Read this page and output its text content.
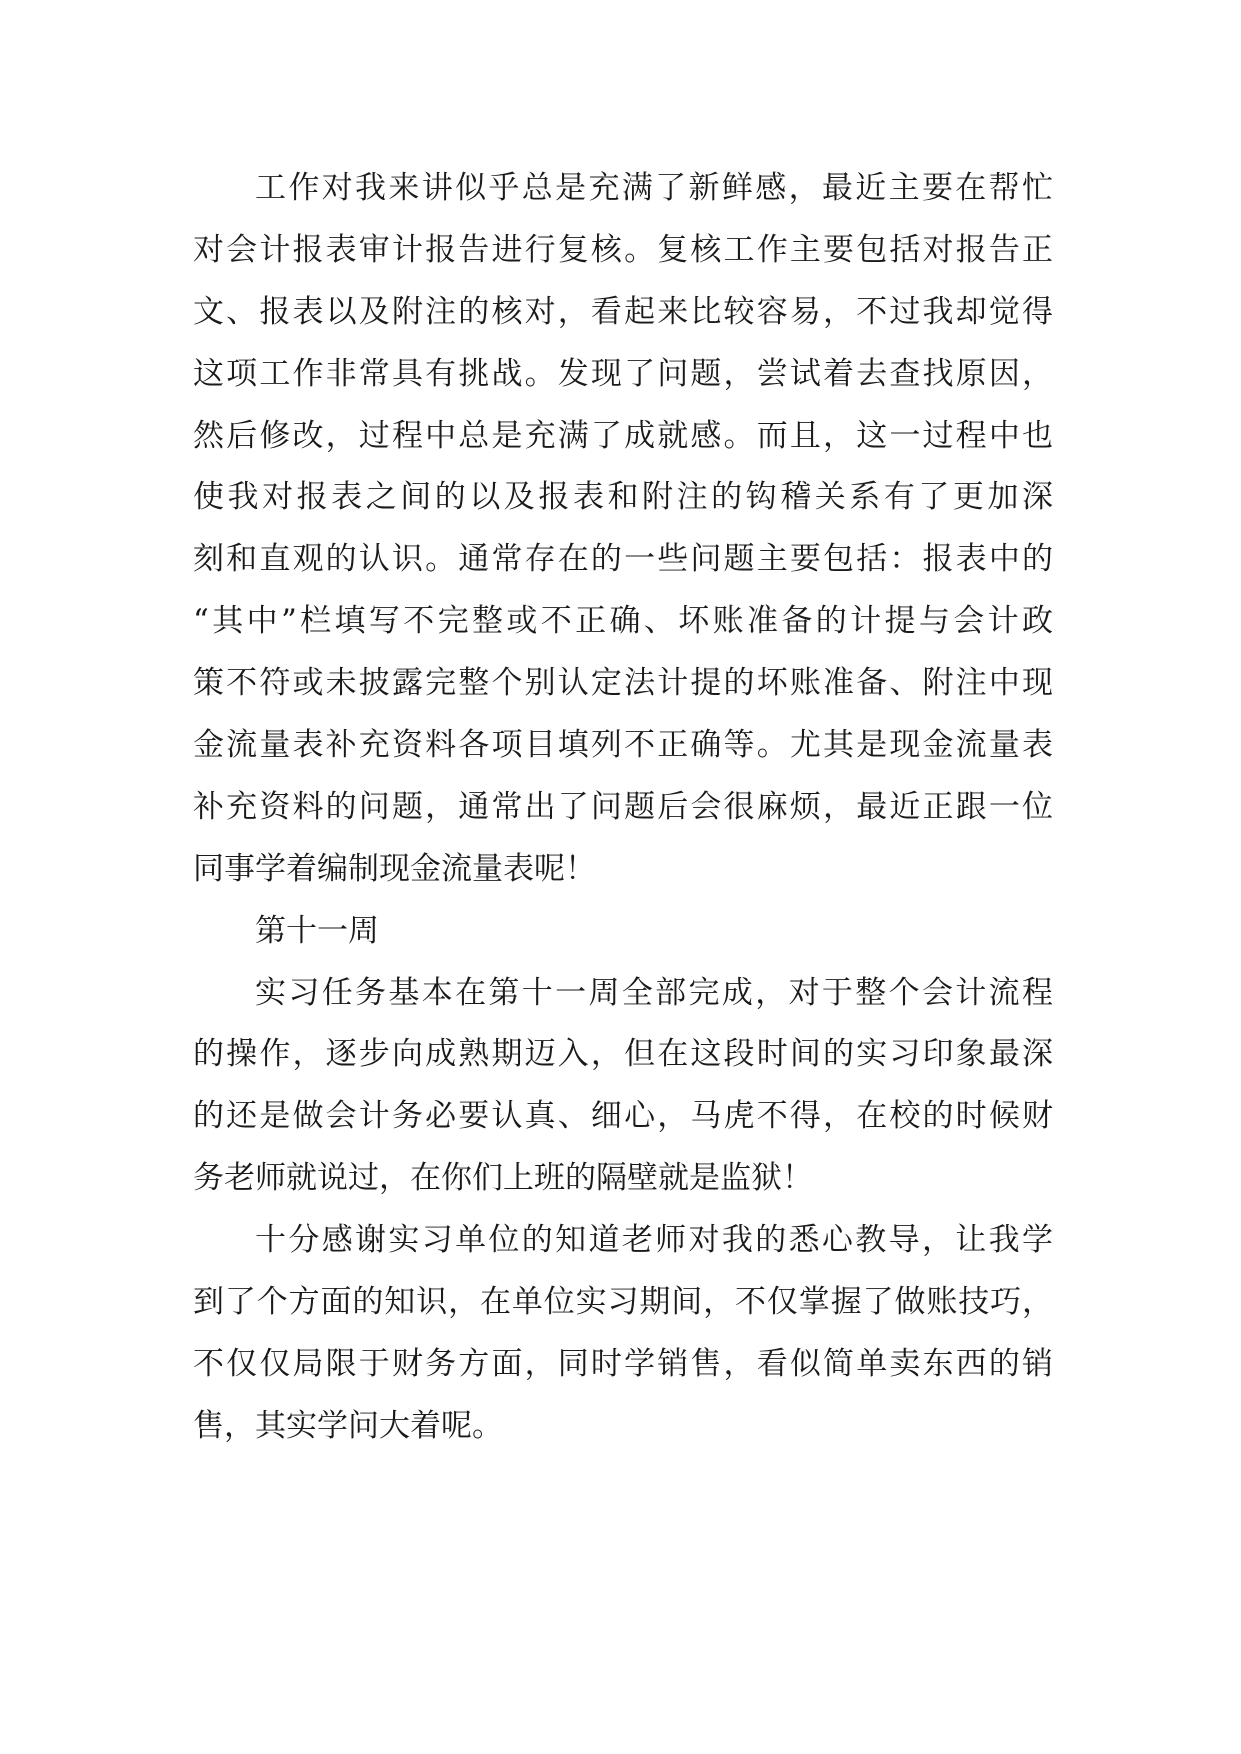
工作对我来讲似乎总是充满了新鲜感，最近主要在帮忙
对会计报表审计报告进行复核。复核工作主要包括对报告正
文、报表以及附注的核对，看起来比较容易，不过我却觉得
这项工作非常具有挑战。发现了问题，尝试着去查找原因，
然后修改，过程中总是充满了成就感。而且，这一过程中也
使我对报表之间的以及报表和附注的钩稽关系有了更加深
刻和直观的认识。通常存在的一些问题主要包括：报表中的
“其中”栏填写不完整或不正确、坏账准备的计提与会计政
策不符或未披露完整个别认定法计提的坏账准备、附注中现
金流量表补充资料各项目填列不正确等。尤其是现金流量表
补充资料的问题，通常出了问题后会很麻烦，最近正跟一位
同事学着编制现金流量表呢！
第十一周
实习任务基本在第十一周全部完成，对于整个会计流程
的操作，逐步向成熟期迈入，但在这段时间的实习印象最深
的还是做会计务必要认真、细心，马虎不得，在校的时候财
务老师就说过，在你们上班的隔壁就是监狱！
十分感谢实习单位的知道老师对我的悉心教导，让我学
到了个方面的知识，在单位实习期间，不仅掌握了做账技巧，
不仅仅局限于财务方面，同时学销售，看似简单卖东西的销
售，其实学问大着呢。
